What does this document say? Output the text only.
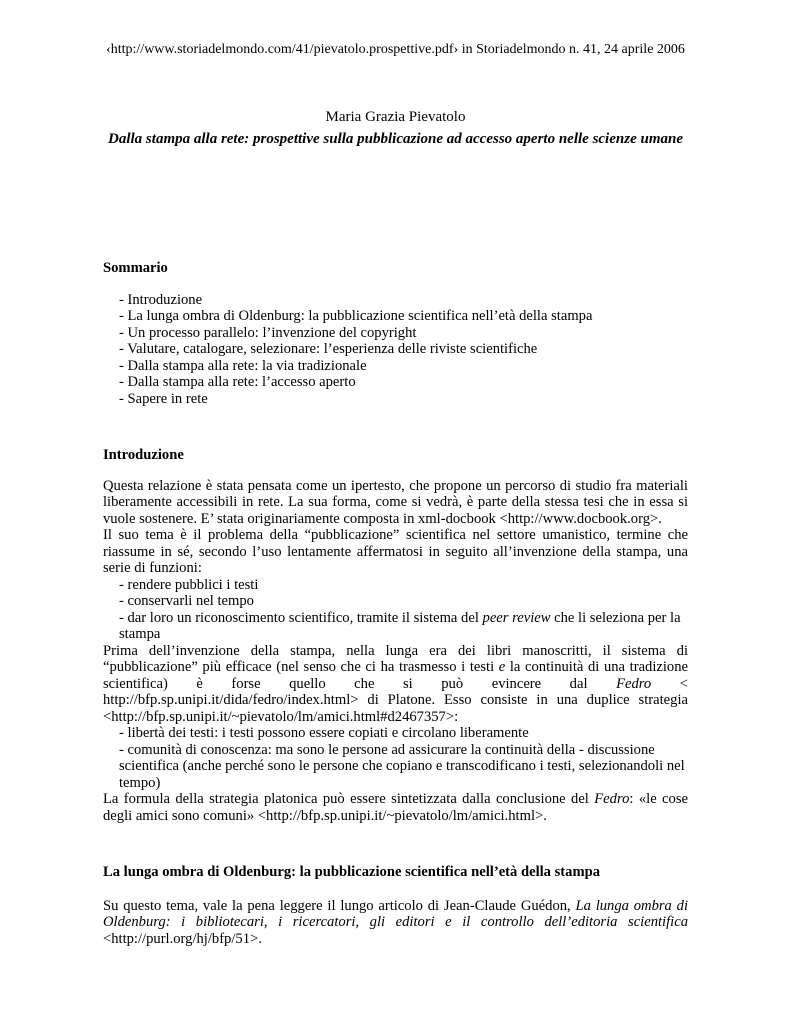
‹http://www.storiadelmondo.com/41/pievatolo.prospettive.pdf› in Storiadelmondo n. 41, 24 aprile 2006
Maria Grazia Pievatolo
Dalla stampa alla rete: prospettive sulla pubblicazione ad accesso aperto nelle scienze umane
Sommario
- Introduzione
- La lunga ombra di Oldenburg: la pubblicazione scientifica nell’età della stampa
- Un processo parallelo: l’invenzione del copyright
- Valutare, catalogare, selezionare: l’esperienza delle riviste scientifiche
- Dalla stampa alla rete: la via tradizionale
- Dalla stampa alla rete: l’accesso aperto
- Sapere in rete
Introduzione

Questa relazione è stata pensata come un ipertesto, che propone un percorso di studio fra materiali liberamente accessibili in rete. La sua forma, come si vedrà, è parte della stessa tesi che in essa si vuole sostenere. E’ stata originariamente composta in xml-docbook <http://www.docbook.org>.

Il suo tema è il problema della “pubblicazione” scientifica nel settore umanistico, termine che riassume in sé, secondo l’uso lentamente affermatosi in seguito all’invenzione della stampa, una serie di funzioni:

- rendere pubblici i testi
- conservarli nel tempo
- dar loro un riconoscimento scientifico, tramite il sistema del peer review che li seleziona per la stampa

Prima dell’invenzione della stampa, nella lunga era dei libri manoscritti, il sistema di “pubblicazione” più efficace (nel senso che ci ha trasmesso i testi e la continuità di una tradizione scientifica) è forse quello che si può evincere dal Fedro < http://bfp.sp.unipi.it/dida/fedro/index.html> di Platone. Esso consiste in una duplice strategia <http://bfp.sp.unipi.it/~pievatolo/lm/amici.html#d2467357>:

- libertà dei testi: i testi possono essere copiati e circolano liberamente
- comunità di conoscenza: ma sono le persone ad assicurare la continuità della - discussione scientifica (anche perché sono le persone che copiano e transcodificano i testi, selezionandoli nel tempo)

La formula della strategia platonica può essere sintetizzata dalla conclusione del Fedro: «le cose degli amici sono comuni» <http://bfp.sp.unipi.it/~pievatolo/lm/amici.html>.

La lunga ombra di Oldenburg: la pubblicazione scientifica nell’età della stampa

Su questo tema, vale la pena leggere il lungo articolo di Jean-Claude Guédon, La lunga ombra di Oldenburg: i bibliotecari, i ricercatori, gli editori e il controllo dell’editoria scientifica <http://purl.org/hj/bfp/51>.
